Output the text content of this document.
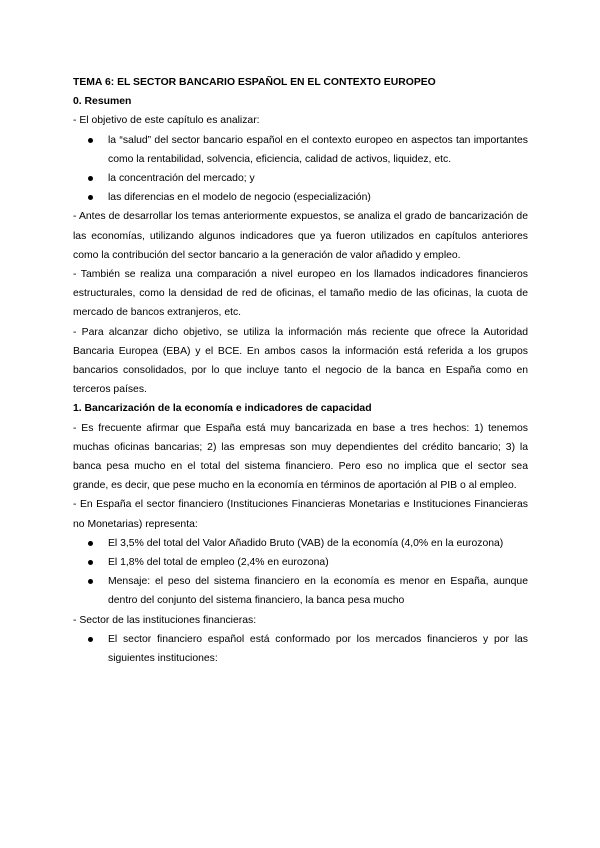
TEMA 6: EL SECTOR BANCARIO ESPAÑOL EN EL CONTEXTO EUROPEO

0. Resumen

- El objetivo de este capítulo es analizar:

la “salud” del sector bancario español en el contexto europeo en aspectos tan importantes como la rentabilidad, solvencia, eficiencia, calidad de activos, liquidez, etc.
la concentración del mercado; y
las diferencias en el modelo de negocio (especialización)

- Antes de desarrollar los temas anteriormente expuestos, se analiza el grado de bancarización de las economías, utilizando algunos indicadores que ya fueron utilizados en capítulos anteriores como la contribución del sector bancario a la generación de valor añadido y empleo.

- También se realiza una comparación a nivel europeo en los llamados indicadores financieros estructurales, como la densidad de red de oficinas, el tamaño medio de las oficinas, la cuota de mercado de bancos extranjeros, etc.

- Para alcanzar dicho objetivo, se utiliza la información más reciente que ofrece la Autoridad Bancaria Europea (EBA) y el BCE. En ambos casos la información está referida a los grupos bancarios consolidados, por lo que incluye tanto el negocio de la banca en España como en terceros países.

1. Bancarización de la economía e indicadores de capacidad

- Es frecuente afirmar que España está muy bancarizada en base a tres hechos: 1) tenemos muchas oficinas bancarias; 2) las empresas son muy dependientes del crédito bancario; 3) la banca pesa mucho en el total del sistema financiero. Pero eso no implica que el sector sea grande, es decir, que pese mucho en la economía en términos de aportación al PIB o al empleo.

- En España el sector financiero (Instituciones Financieras Monetarias e Instituciones Financieras no Monetarias) representa:

El 3,5% del total del Valor Añadido Bruto (VAB) de la economía (4,0% en la eurozona)
El 1,8% del total de empleo (2,4% en eurozona)
Mensaje: el peso del sistema financiero en la economía es menor en España, aunque dentro del conjunto del sistema financiero, la banca pesa mucho

- Sector de las instituciones financieras:

El sector financiero español está conformado por los mercados financieros y por las siguientes instituciones:
